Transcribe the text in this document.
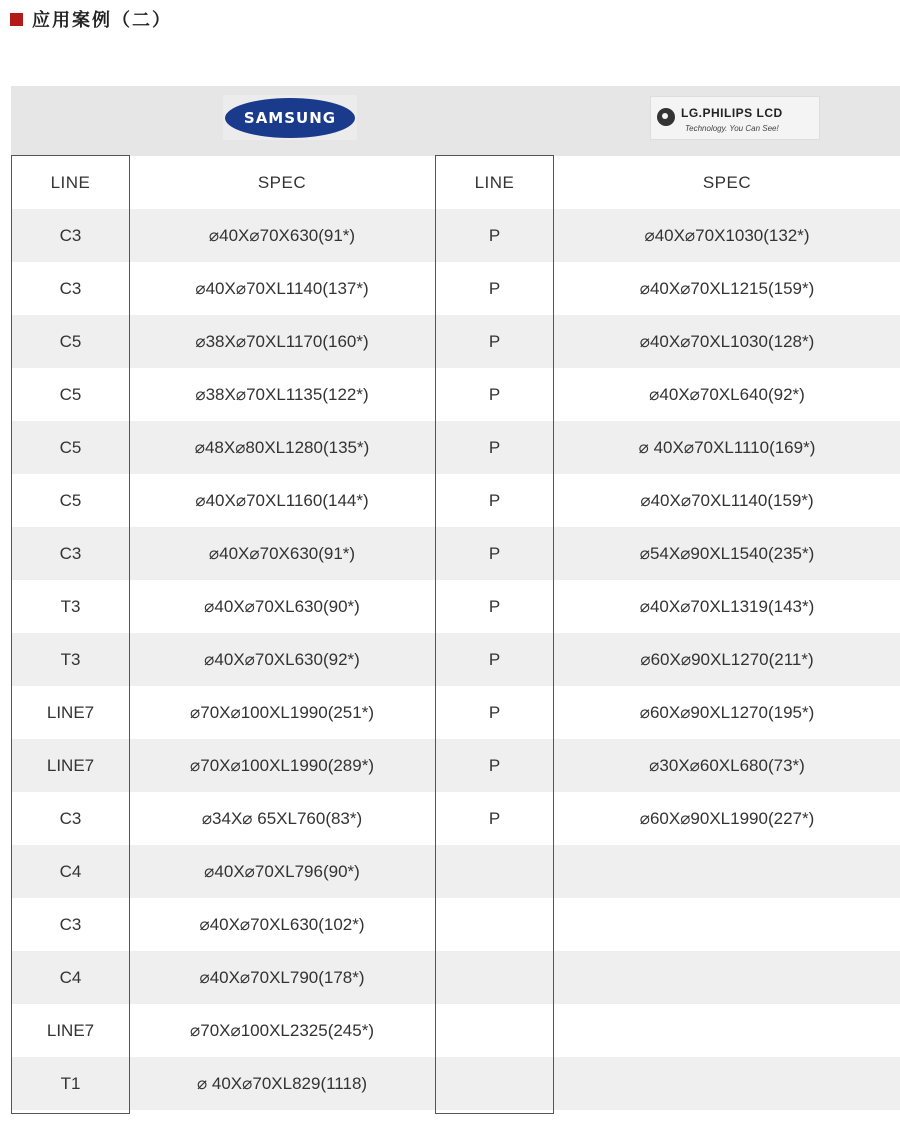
应用案例（二）
SAMSUNG	LG.PHILIPS LCD
Technology. You Can See!
LINE	SPEC	LINE	SPEC
C3	⌀40X⌀70X630(91*)	P	⌀40X⌀70X1030(132*)
C3	⌀40X⌀70XL1140(137*)	P	⌀40X⌀70XL1215(159*)
C5	⌀38X⌀70XL1170(160*)	P	⌀40X⌀70XL1030(128*)
C5	⌀38X⌀70XL1135(122*)	P	⌀40X⌀70XL640(92*)
C5	⌀48X⌀80XL1280(135*)	P	⌀ 40X⌀70XL1110(169*)
C5	⌀40X⌀70XL1160(144*)	P	⌀40X⌀70XL1140(159*)
C3	⌀40X⌀70X630(91*)	P	⌀54X⌀90XL1540(235*)
T3	⌀40X⌀70XL630(90*)	P	⌀40X⌀70XL1319(143*)
T3	⌀40X⌀70XL630(92*)	P	⌀60X⌀90XL1270(211*)
LINE7	⌀70X⌀100XL1990(251*)	P	⌀60X⌀90XL1270(195*)
LINE7	⌀70X⌀100XL1990(289*)	P	⌀30X⌀60XL680(73*)
C3	⌀34X⌀ 65XL760(83*)	P	⌀60X⌀90XL1990(227*)
C4	⌀40X⌀70XL796(90*)
C3	⌀40X⌀70XL630(102*)
C4	⌀40X⌀70XL790(178*)
LINE7	⌀70X⌀100XL2325(245*)
T1	⌀ 40X⌀70XL829(1118)
